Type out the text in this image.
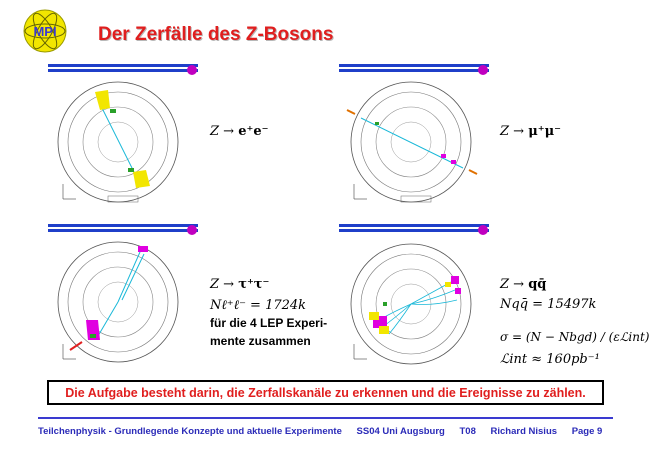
MPI Der Zerfälle des Z-Bosons
Z → e⁺e⁻	Z → μ⁺μ⁻
Z → τ⁺τ⁻
Nℓ⁺ℓ⁻ = 1724k
für die 4 LEP Experi-
mente zusammen
Z → qq̄
Nqq̄ = 15497k
σ = (N − Nbgd) / (εℒint)
ℒint ≈ 160pb⁻¹
Die Aufgabe besteht darin, die Zerfallskanäle zu erkennen und die Ereignisse zu zählen.
Teilchenphysik - Grundlegende Konzepte und aktuelle Experimente SS04 Uni Augsburg T08 Richard Nisius Page 9
